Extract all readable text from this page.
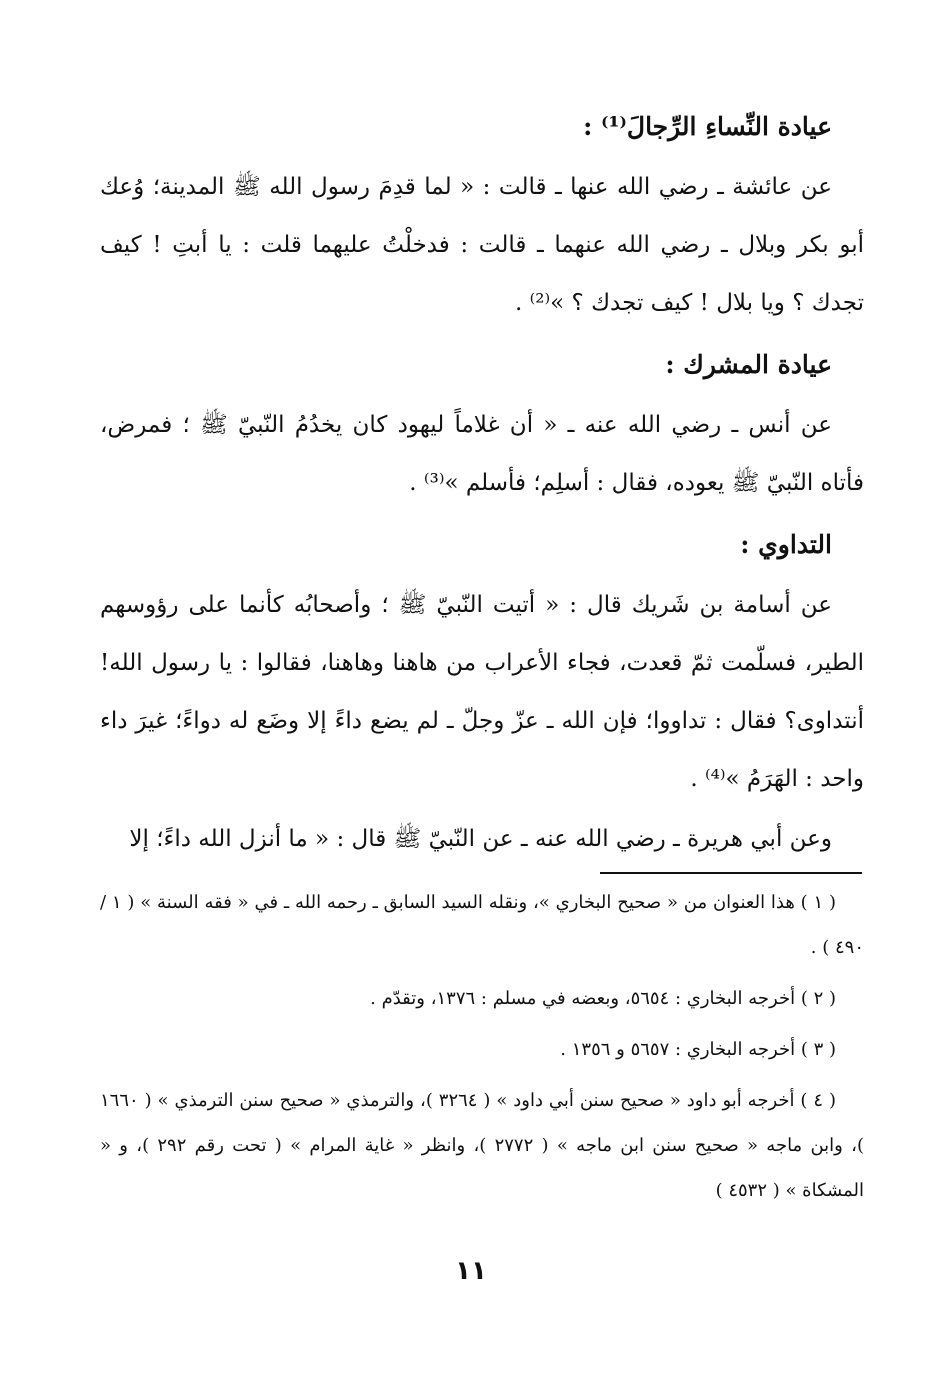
عيادة النِّساءِ الرِّجالَ⁽¹⁾ :

عن عائشة ـ رضي الله عنها ـ قالت : « لما قدِمَ رسول الله ﷺ المدينة؛ وُعك أبو بكر وبلال ـ رضي الله عنهما ـ قالت : فدخلْتُ عليهما قلت : يا أبتِ ! كيف تجدك ؟ ويا بلال ! كيف تجدك ؟ »⁽²⁾ .

عيادة المشرك :

عن أنس ـ رضي الله عنه ـ « أن غلاماً ليهود كان يخدُمُ النّبيّ ﷺ ؛ فمرض، فأتاه النّبيّ ﷺ يعوده، فقال : أسلِم؛ فأسلم »⁽³⁾ .

التداوي :

عن أسامة بن شَريك قال : « أتيت النّبيّ ﷺ ؛ وأصحابُه كأنما على رؤوسهم الطير، فسلّمت ثمّ قعدت، فجاء الأعراب من هاهنا وهاهنا، فقالوا : يا رسول الله! أنتداوى؟ فقال : تداووا؛ فإن الله ـ عزّ وجلّ ـ لم يضع داءً إلا وضَع له دواءً؛ غيرَ داء واحد : الهَرَمُ »⁽⁴⁾ .

وعن أبي هريرة ـ رضي الله عنه ـ عن النّبيّ ﷺ قال : « ما أنزل الله داءً؛ إلا

( ١ ) هذا العنوان من « صحيح البخاري »، ونقله السيد السابق ـ رحمه الله ـ في « فقه السنة » ( ١ / ٤٩٠ ) .

( ٢ ) أخرجه البخاري : ٥٦٥٤، وبعضه في مسلم : ١٣٧٦، وتقدّم .

( ٣ ) أخرجه البخاري : ٥٦٥٧ و ١٣٥٦ .

( ٤ ) أخرجه أبو داود « صحيح سنن أبي داود » ( ٣٢٦٤ )، والترمذي « صحيح سنن الترمذي » ( ١٦٦٠ )، وابن ماجه « صحيح سنن ابن ماجه » ( ٢٧٧٢ )، وانظر « غاية المرام » ( تحت رقم ٢٩٢ )، و « المشكاة » ( ٤٥٣٢ )

١١
